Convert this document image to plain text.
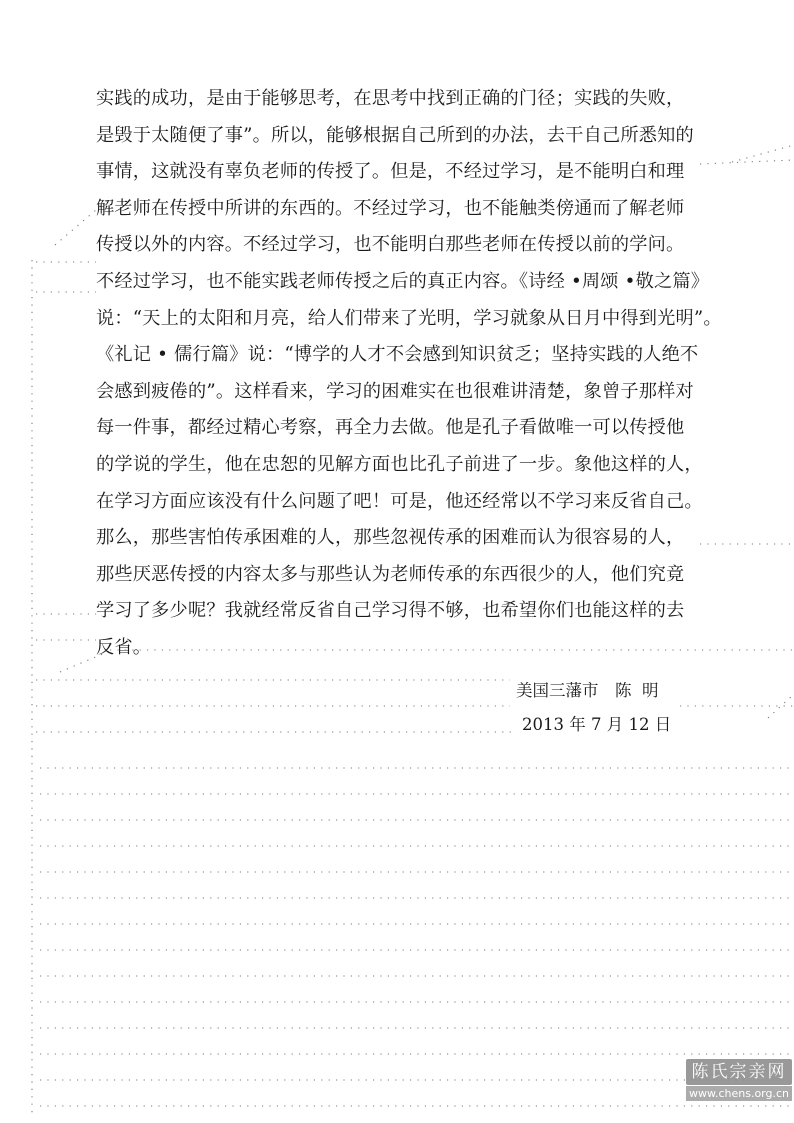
实践的成功，是由于能够思考，在思考中找到正确的门径；实践的失败，
是毁于太随便了事”。所以，能够根据自己所到的办法，去干自己所悉知的
事情，这就没有辜负老师的传授了。但是，不经过学习，是不能明白和理
解老师在传授中所讲的东西的。不经过学习，也不能触类傍通而了解老师
传授以外的内容。不经过学习，也不能明白那些老师在传授以前的学问。
不经过学习，也不能实践老师传授之后的真正内容。《诗经 •周颂 •敬之篇》
说：“天上的太阳和月亮，给人们带来了光明，学习就象从日月中得到光明”。
《礼记 • 儒行篇》说：“博学的人才不会感到知识贫乏；坚持实践的人绝不
会感到疲倦的”。这样看来，学习的困难实在也很难讲清楚，象曾子那样对
每一件事，都经过精心考察，再全力去做。他是孔子看做唯一可以传授他
的学说的学生，他在忠恕的见解方面也比孔子前进了一步。象他这样的人，
在学习方面应该没有什么问题了吧！可是，他还经常以不学习来反省自己。
那么，那些害怕传承困难的人，那些忽视传承的困难而认为很容易的人，
那些厌恶传授的内容太多与那些认为老师传承的东西很少的人，他们究竟
学习了多少呢？我就经常反省自己学习得不够，也希望你们也能这样的去
反省。
美国三藩市　陈  明
2013 年 7 月 12 日
陈氏宗亲网
www.chens.org.cn
